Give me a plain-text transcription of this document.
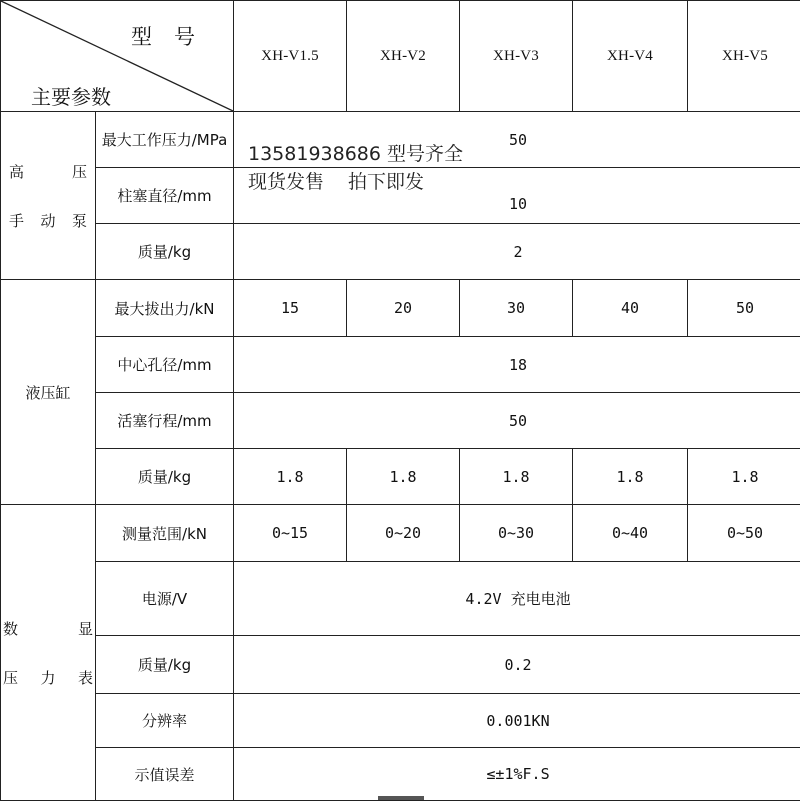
型号
主要参数		XH-V1.5	XH-V2	XH-V3	XH-V4	XH-V5

高 压
手 动 泵	最大工作压力/MPa	50				
	柱塞直径/mm	10				
	质量/kg	2				
液压缸	最大拔出力/kN	15	20	30	40	50
	中心孔径/mm	18				
	活塞行程/mm	50				
	质量/kg	1.8	1.8	1.8	1.8	1.8

数 显
压 力 表	测量范围/kN	0~15	0~20	0~30	0~40	0~50
	电源/V	4.2V 充电电池				
	质量/kg	0.2				
	分辨率	0.001KN				
	示值误差	≤±1%F.S				
13581938686 型号齐全
现货发售 拍下即发
